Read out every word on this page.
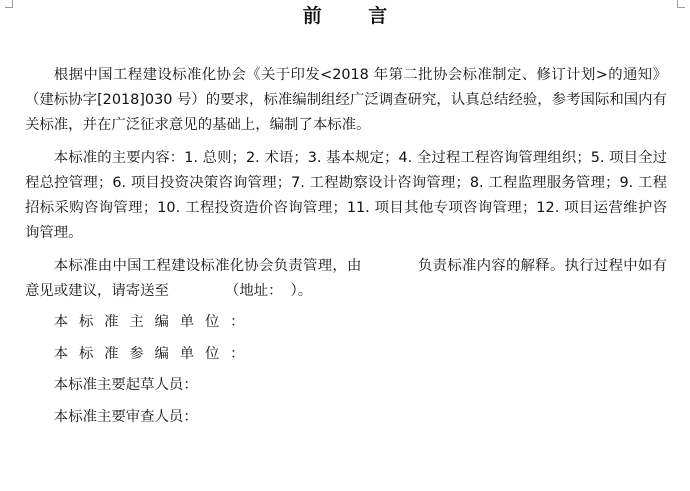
前 言

根据中国工程建设标准化协会《关于印发<2018 年第二批协会标准制定、修订计划>的通知》（建标协字[2018]030 号）的要求，标准编制组经广泛调查研究，认真总结经验，参考国际和国内有关标准，并在广泛征求意见的基础上，编制了本标准。

本标准的主要内容：1. 总则；2. 术语；3. 基本规定；4. 全过程工程咨询管理组织；5. 项目全过程总控管理；6. 项目投资决策咨询管理；7. 工程勘察设计咨询管理；8. 工程监理服务管理；9. 工程招标采购咨询管理；10. 工程投资造价咨询管理；11. 项目其他专项咨询管理；12. 项目运营维护咨询管理。

本标准由中国工程建设标准化协会负责管理，由	负责标准内容的解释。执行过程中如有意见或建议，请寄送至	（地址： ）。

本标准主编单位：

本标准参编单位：

本标准主要起草人员：

本标准主要审查人员：
